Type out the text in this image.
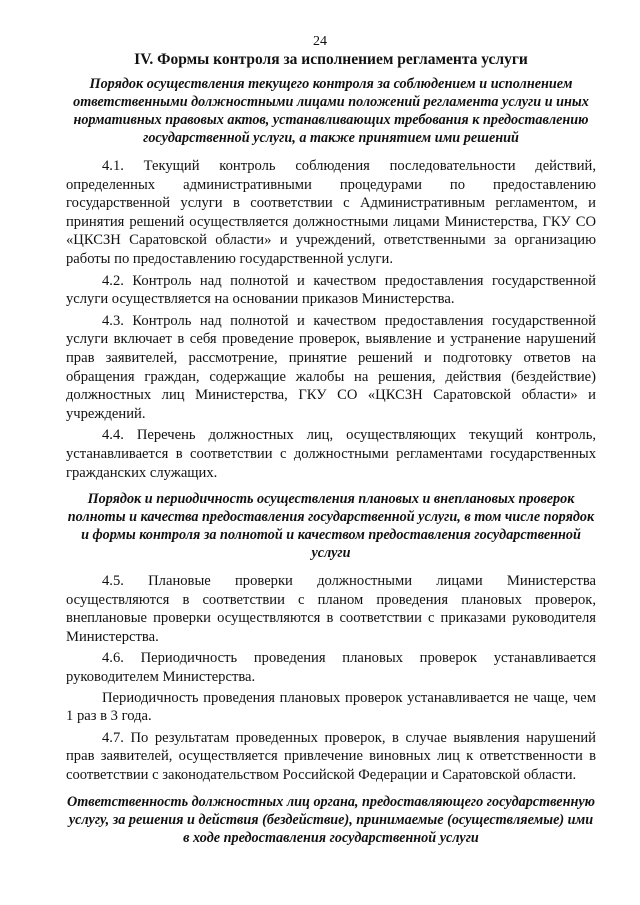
24
IV. Формы контроля за исполнением регламента услуги

Порядок осуществления текущего контроля за соблюдением и исполнением ответственными должностными лицами положений регламента услуги и иных нормативных правовых актов, устанавливающих требования к предоставлению государственной услуги, а также принятием ими решений

4.1. Текущий контроль соблюдения последовательности действий, определенных административными процедурами по предоставлению государственной услуги в соответствии с Административным регламентом, и принятия решений осуществляется должностными лицами Министерства, ГКУ СО «ЦКСЗН Саратовской области» и учреждений, ответственными за организацию работы по предоставлению государственной услуги.

4.2. Контроль над полнотой и качеством предоставления государственной услуги осуществляется на основании приказов Министерства.

4.3. Контроль над полнотой и качеством предоставления государственной услуги включает в себя проведение проверок, выявление и устранение нарушений прав заявителей, рассмотрение, принятие решений и подготовку ответов на обращения граждан, содержащие жалобы на решения, действия (бездействие) должностных лиц Министерства, ГКУ СО «ЦКСЗН Саратовской области» и учреждений.

4.4. Перечень должностных лиц, осуществляющих текущий контроль, устанавливается в соответствии с должностными регламентами государственных гражданских служащих.

Порядок и периодичность осуществления плановых и внеплановых проверок полноты и качества предоставления государственной услуги, в том числе порядок и формы контроля за полнотой и качеством предоставления государственной услуги

4.5. Плановые проверки должностными лицами Министерства осуществляются в соответствии с планом проведения плановых проверок, внеплановые проверки осуществляются в соответствии с приказами руководителя Министерства.

4.6. Периодичность проведения плановых проверок устанавливается руководителем Министерства.

Периодичность проведения плановых проверок устанавливается не чаще, чем 1 раз в 3 года.

4.7. По результатам проведенных проверок, в случае выявления нарушений прав заявителей, осуществляется привлечение виновных лиц к ответственности в соответствии с законодательством Российской Федерации и Саратовской области.

Ответственность должностных лиц органа, предоставляющего государственную услугу, за решения и действия (бездействие), принимаемые (осуществляемые) ими в ходе предоставления государственной услуги
